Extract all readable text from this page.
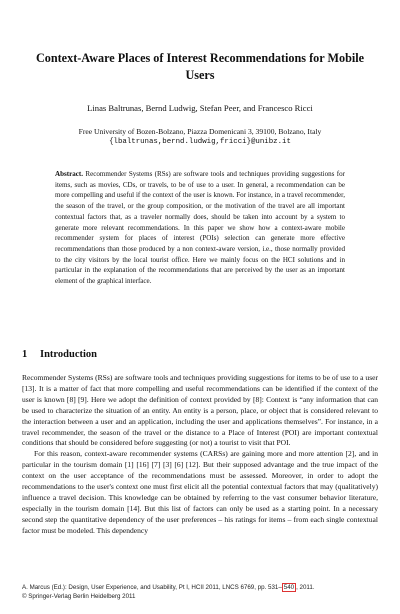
Context-Aware Places of Interest Recommendations for Mobile Users

Linas Baltrunas, Bernd Ludwig, Stefan Peer, and Francesco Ricci

Free University of Bozen-Bolzano, Piazza Domenicani 3, 39100, Bolzano, Italy
{lbaltrunas,bernd.ludwig,fricci}@unibz.it

Abstract. Recommender Systems (RSs) are software tools and techniques providing suggestions for items, such as movies, CDs, or travels, to be of use to a user. In general, a recommendation can be more compelling and useful if the context of the user is known. For instance, in a travel recommender, the season of the travel, or the group composition, or the motivation of the travel are all important contextual factors that, as a traveler normally does, should be taken into account by a system to generate more relevant recommendations. In this paper we show how a context-aware mobile recommender system for places of interest (POIs) selection can generate more effective recommendations than those produced by a non context-aware version, i.e., those normally provided to the city visitors by the local tourist office. Here we mainly focus on the HCI solutions and in particular in the explanation of the recommendations that are perceived by the user as an important element of the graphical interface.

1 Introduction

Recommender Systems (RSs) are software tools and techniques providing suggestions for items to be of use to a user [13]. It is a matter of fact that more compelling and useful recommendations can be identified if the context of the user is known [8] [9]. Here we adopt the definition of context provided by [8]: Context is “any information that can be used to characterize the situation of an entity. An entity is a person, place, or object that is considered relevant to the interaction between a user and an application, including the user and applications themselves”. For instance, in a travel recommender, the season of the travel or the distance to a Place of Interest (POI) are important contextual conditions that should be considered before suggesting (or not) a tourist to visit that POI.

For this reason, context-aware recommender systems (CARSs) are gaining more and more attention [2], and in particular in the tourism domain [1] [16] [7] [3] [6] [12]. But their supposed advantage and the true impact of the context on the user acceptance of the recommendations must be assessed. Moreover, in order to adopt the recommendations to the user's context one must first elicit all the potential contextual factors that may (qualitatively) influence a travel decision. This knowledge can be obtained by referring to the vast consumer behavior literature, especially in the tourism domain [14]. But this list of factors can only be used as a starting point. In a necessary second step the quantitative dependency of the user preferences – his ratings for items – from each single contextual factor must be modeled. This dependency

A. Marcus (Ed.): Design, User Experience, and Usability, Pt I, HCII 2011, LNCS 6769, pp. 531– 540 , 2011.
© Springer-Verlag Berlin Heidelberg 2011
